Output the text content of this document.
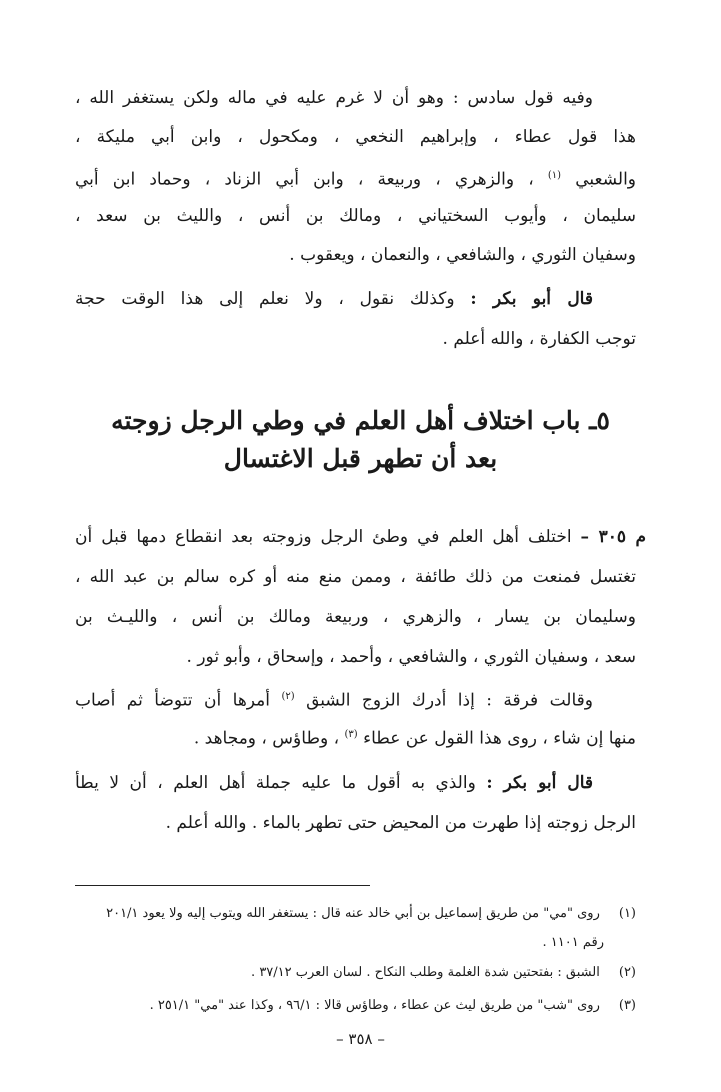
وفيه قول سادس : وهو أن لا غرم عليه في ماله ولكن يستغفر الله ،
هذا قول عطاء ، وإبراهيم النخعي ، ومكحول ، وابن أبي مليكة ،
والشعبي $^{(١)}$ ، والزهري ، وربيعة ، وابن أبي الزناد ، وحماد ابن أبي
سليمان ، وأيوب السختياني ، ومالك بن أنس ، والليث بن سعد ،
وسفيان الثوري ، والشافعي ، والنعمان ، ويعقوب .
قال أبو بكر : وكذلك نقول ، ولا نعلم إلى هذا الوقت حجة
توجب الكفارة ، والله أعلم .
٥ـ باب اختلاف أهل العلم في وطي الرجل زوجته
بعد أن تطهر قبل الاغتسال
م ٣٠٥ – اختلف أهل العلم في وطئ الرجل وزوجته بعد انقطاع دمها قبل أن
تغتسل فمنعت من ذلك طائفة ، وممن منع منه أو كره سالم بن عبد الله ،
وسليمان بن يسار ، والزهري ، وربيعة ومالك بن أنس ، والليـث بن
سعد ، وسفيان الثوري ، والشافعي ، وأحمد ، وإسحاق ، وأبو ثور .
وقالت فرقة : إذا أدرك الزوج الشبق $^{(٢)}$ أمرها أن تتوضأ ثم أصاب
منها إن شاء ، روى هذا القول عن عطاء $^{(٣)}$ ، وطاؤس ، ومجاهد .
قال أبو بكر : والذي به أقول ما عليه جملة أهل العلم ، أن لا يطأ
الرجل زوجته إذا طهرت من المحيض حتى تطهر بالماء . والله أعلم .
(١) روى "مي" من طريق إسماعيل بن أبي خالد عنه قال : يستغفر الله ويتوب إليه ولا يعود ٢٠١/١
رقم ١١٠١ .
(٢) الشبق : بفتحتين شدة الغلمة وطلب النكاح . لسان العرب ٣٧/١٢ .
(٣) روى "شب" من طريق ليث عن عطاء ، وطاؤس قالا : ٩٦/١ ، وكذا عند "مي" ٢٥١/١ .
– ٣٥٨ –
